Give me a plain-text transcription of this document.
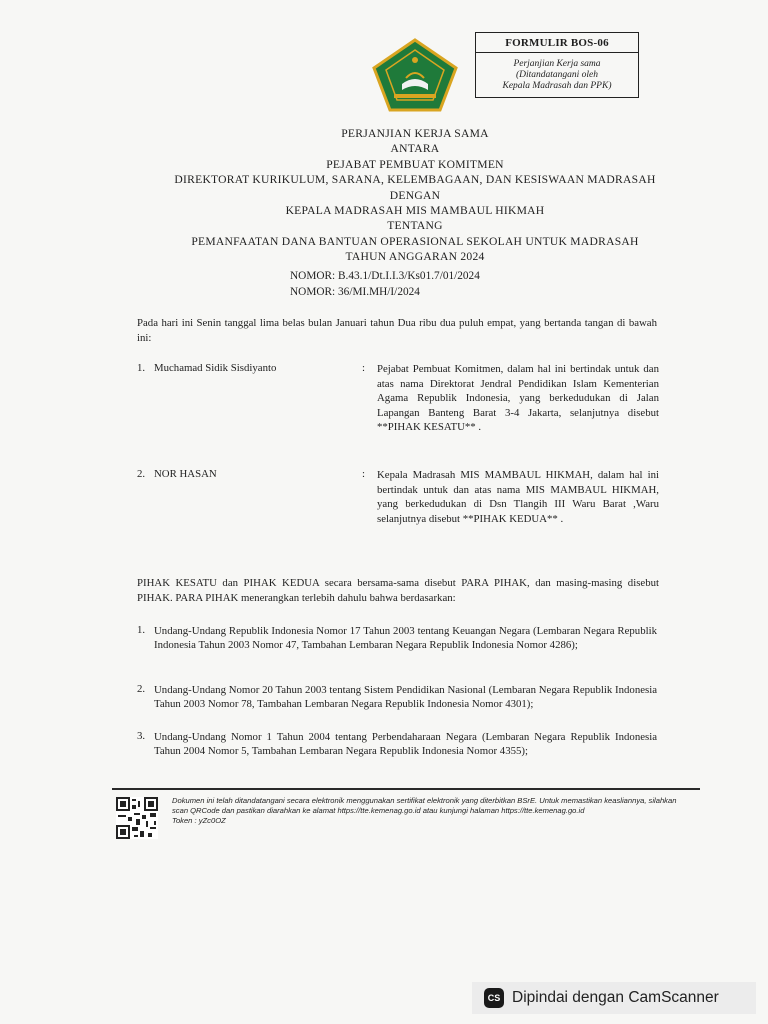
FORMULIR BOS-06
Perjanjian Kerja sama
(Ditandatangani oleh
Kepala Madrasah dan PPK)
PERJANJIAN KERJA SAMA
ANTARA
PEJABAT PEMBUAT KOMITMEN
DIREKTORAT KURIKULUM, SARANA, KELEMBAGAAN, DAN KESISWAAN MADRASAH
DENGAN
KEPALA MADRASAH MIS MAMBAUL HIKMAH
TENTANG
PEMANFAATAN DANA BANTUAN OPERASIONAL SEKOLAH UNTUK MADRASAH
TAHUN ANGGARAN 2024
NOMOR: B.43.1/Dt.I.I.3/Ks01.7/01/2024
NOMOR: 36/MI.MH/I/2024
Pada hari ini Senin tanggal lima belas bulan Januari tahun Dua ribu dua puluh empat, yang bertanda tangan di bawah ini:
1. Muchamad Sidik Sisdiyanto	: Pejabat Pembuat Komitmen, dalam hal ini bertindak untuk dan atas nama Direktorat Jendral Pendidikan Islam Kementerian Agama Republik Indonesia, yang berkedudukan di Jalan Lapangan Banteng Barat 3-4 Jakarta, selanjutnya disebut **PIHAK KESATU** .
2. NOR HASAN	: Kepala Madrasah MIS MAMBAUL HIKMAH, dalam hal ini bertindak untuk dan atas nama MIS MAMBAUL HIKMAH, yang berkedudukan di Dsn Tlangih III Waru Barat ,Waru selanjutnya disebut **PIHAK KEDUA** .
PIHAK KESATU dan PIHAK KEDUA secara bersama-sama disebut PARA PIHAK, dan masing-masing disebut PIHAK. PARA PIHAK menerangkan terlebih dahulu bahwa berdasarkan:
1. Undang-Undang Republik Indonesia Nomor 17 Tahun 2003 tentang Keuangan Negara (Lembaran Negara Republik Indonesia Tahun 2003 Nomor 47, Tambahan Lembaran Negara Republik Indonesia Nomor 4286);
2. Undang-Undang Nomor 20 Tahun 2003 tentang Sistem Pendidikan Nasional (Lembaran Negara Republik Indonesia Tahun 2003 Nomor 78, Tambahan Lembaran Negara Republik Indonesia Nomor 4301);
3. Undang-Undang Nomor 1 Tahun 2004 tentang Perbendaharaan Negara (Lembaran Negara Republik Indonesia Tahun 2004 Nomor 5, Tambahan Lembaran Negara Republik Indonesia Nomor 4355);
Dokumen ini telah ditandatangani secara elektronik menggunakan sertifikat elektronik yang diterbitkan BSrE. Untuk memastikan keasliannya, silahkan scan QRCode dan pastikan diarahkan ke alamat https://tte.kemenag.go.id atau kunjungi halaman https://tte.kemenag.go.id
Token : yZc0OZ
CS Dipindai dengan CamScanner
